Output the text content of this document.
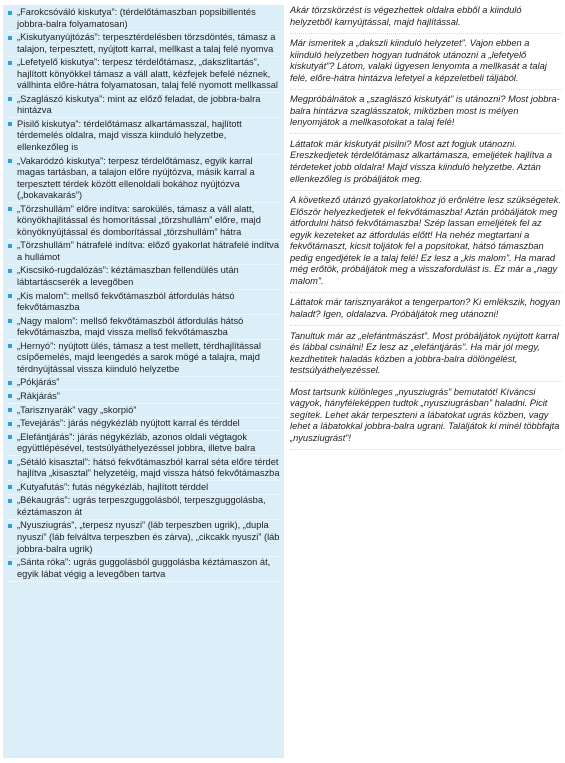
„Farokcsóváló kiskutya”: (térdelőtámaszban popsibillentés jobbra-balra folyamatosan)
„Kiskutyanyújtózás”: terpesztérdelésben törzsdöntés, támasz a talajon, terpesztett, nyújtott karral, mellkast a talaj felé nyomva
„Lefetyelő kiskutya”: terpesz térdelőtámasz, „dakszlitartás”, hajlított könyökkel támasz a váll alatt, kézfejek befelé néznek, vállhinta előre-hátra folyamatosan, talaj felé nyomott mellkassal
„Szaglászó kiskutya”: mint az előző feladat, de jobbra-balra hintázva
Pisilő kiskutya”: térdelőtámasz alkartámasszal, hajlított térdemelés oldalra, majd vissza kiinduló helyzetbe, ellenkezőleg is
„Vakaródzó kiskutya”: terpesz térdelőtámasz, egyik karral magas tartásban, a talajon előre nyújtózva, másik karral a terpesztett térdek között ellenoldali bokához nyújtózva („bokavakarás”)
„Törzshullám” előre indítva: sarokülés, támasz a váll alatt, könyökhajlítással és homorítással „törzshullám” előre, majd könyöknyújtással és domborítással „törzshullám” hátra
„Törzshullám” hátrafelé indítva: előző gyakorlat hátrafelé indítva a hullámot
„Kiscsikó-rugdalózás”: kéztámaszban fellendülés után lábtartáscserék a levegőben
„Kis malom”: mellső fekvőtámaszból átfordulás hátsó fekvőtámaszba
„Nagy malom”: mellső fekvőtámaszból átfordulás hátsó fekvőtámaszba, majd vissza mellső fekvőtámaszba
„Hernyó”: nyújtott ülés, támasz a test mellett, térdhajlítással csípőemelés, majd leengedés a sarok mögé a talajra, majd térdnyújtással vissza kiinduló helyzetbe
„Pókjárás”
„Rákjárás”
„Tarisznyarák” vagy „skorpió”
„Tevejárás”: járás négykézláb nyújtott karral és térddel
„Elefántjárás”: járás négykézláb, azonos oldali végtagok együttlépésével, testsúlyáthelyezéssel jobbra, illetve balra
„Sétáló kisasztal”: hátsó fekvőtámaszból karral séta előre térdet hajlítva „kisasztal” helyzetéig, majd vissza hátsó fekvőtámaszba
„Kutyafutás”: futás négykézláb, hajlított térddel
„Békaugrás”: ugrás terpeszguggolásból, terpeszguggolásba, kéztámaszon át
„Nyusziugrás”, „terpesz nyuszi” (láb terpeszben ugrik), „dupla nyuszi” (láb felváltva terpeszben és zárva), „cikcakk nyuszi” (láb jobbra-balra ugrik)
„Sánta róka”: ugrás guggolásból guggolásba kéztámaszon át, egyik lábat végig a levegőben tartva

Akár törzskörzést is végezhettek oldalra ebből a kiinduló helyzetből karnyújtással, majd hajlítással.

Már ismeritek a „dakszli kiinduló helyzetet”. Vajon ebben a kiinduló helyzetben hogyan tudnátok utánozni a „lefetyelő kiskutyát”? Látom, valaki ügyesen lenyomta a mellkasát a talaj felé, előre-hátra hintázva lefetyel a képzeletbeli táljából.

Megpróbálnátok a „szaglászó kiskutyát” is utánozni? Most jobbra-balra hintázva szaglásszatok, miközben most is mélyen lenyomjátok a mellkasotokat a talaj felé!

Láttatok már kiskutyát pisilni? Most azt fogjuk utánozni. Ereszkedjetek térdelőtámasz alkartámasza, emeljétek hajlítva a térdeteket jobb oldalra! Majd vissza kiinduló helyzetbe. Aztán ellenkezőleg is próbáljátok meg.

A következő utánzó gyakorlatokhoz jó erőnlétre lesz szükségetek. Először helyezkedjetek el fekvőtámaszba! Aztán próbáljátok meg átfordulni hátsó fekvőtámaszba! Szép lassan emeljétek fel az egyik kezeteket az átfordulás előtt! Ha nehéz megtartani a fekvőtámaszt, kicsit toljátok fel a popsitokat, hátsó támaszban pedig engedjétek le a talaj felé! Ez lesz a „kis malom”. Ha marad még erőtök, próbáljátok meg a visszafordulást is. Ez már a „nagy malom”.

Láttatok már tarisznyarákot a tengerparton? Ki emlékszik, hogyan haladt? Igen, oldalazva. Próbáljátok meg utánozni!

Tanultuk már az „elefántmászást”. Most próbáljátok nyújtott karral és lábbal csinálni! Ez lesz az „elefántjárás”. Ha már jól megy, kezdhetitek haladás közben a jobbra-balra dölöngélést, testsúlyáthelyezéssel.

Most tartsunk különleges „nyusziugrás” bemutatót! Kíváncsi vagyok, hányféleképpen tudtok „nyusziugrásban” haladni. Picit segítek. Lehet akár terpeszteni a lábatokat ugrás közben, vagy lehet a lábatokkal jobbra-balra ugrani. Találjátok ki minél többfajta „nyusziugrást”!
